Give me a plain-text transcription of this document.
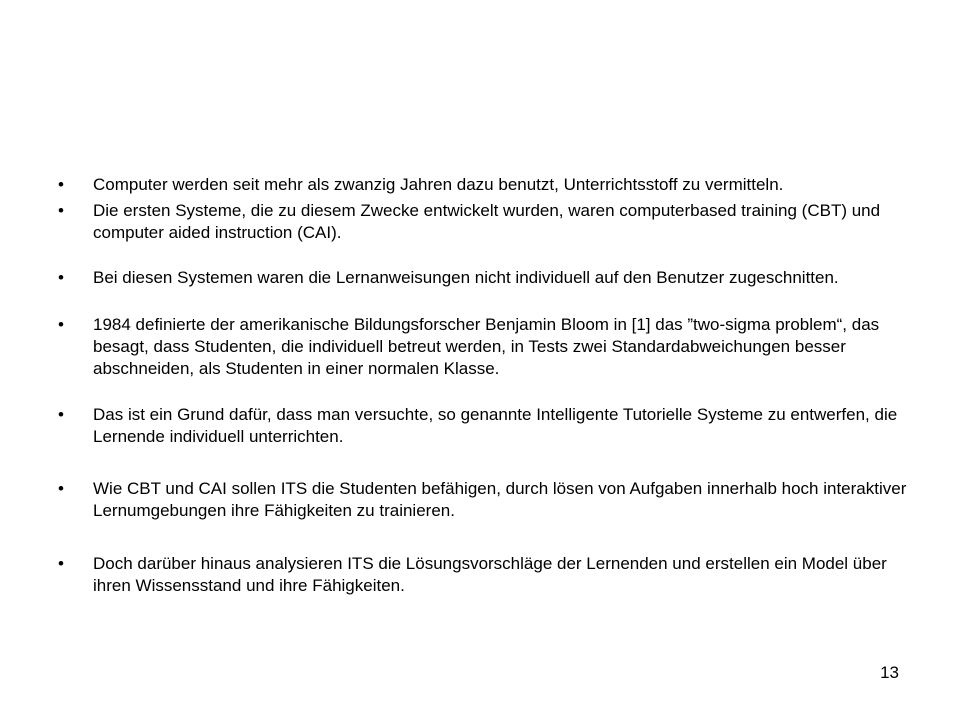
•	Computer werden seit mehr als zwanzig Jahren dazu benutzt, Unterrichtsstoff zu vermitteln.
•	Die ersten Systeme, die zu diesem Zwecke entwickelt wurden, waren computerbased training (CBT) und computer aided instruction (CAI).
•	Bei diesen Systemen waren die Lernanweisungen nicht individuell auf den Benutzer zugeschnitten.
•	1984 definierte der amerikanische Bildungsforscher Benjamin Bloom in [1] das ”two-sigma problem“, das besagt, dass Studenten, die individuell betreut werden, in Tests zwei Standardabweichungen besser abschneiden, als Studenten in einer normalen Klasse.
•	Das ist ein Grund dafür, dass man versuchte, so genannte Intelligente Tutorielle Systeme zu entwerfen, die Lernende individuell unterrichten.
•	Wie CBT und CAI sollen ITS die Studenten befähigen, durch lösen von Aufgaben innerhalb hoch interaktiver Lernumgebungen ihre Fähigkeiten zu trainieren.
•	Doch darüber hinaus analysieren ITS die Lösungsvorschläge der Lernenden und erstellen ein Model über ihren Wissensstand und ihre Fähigkeiten.
13
